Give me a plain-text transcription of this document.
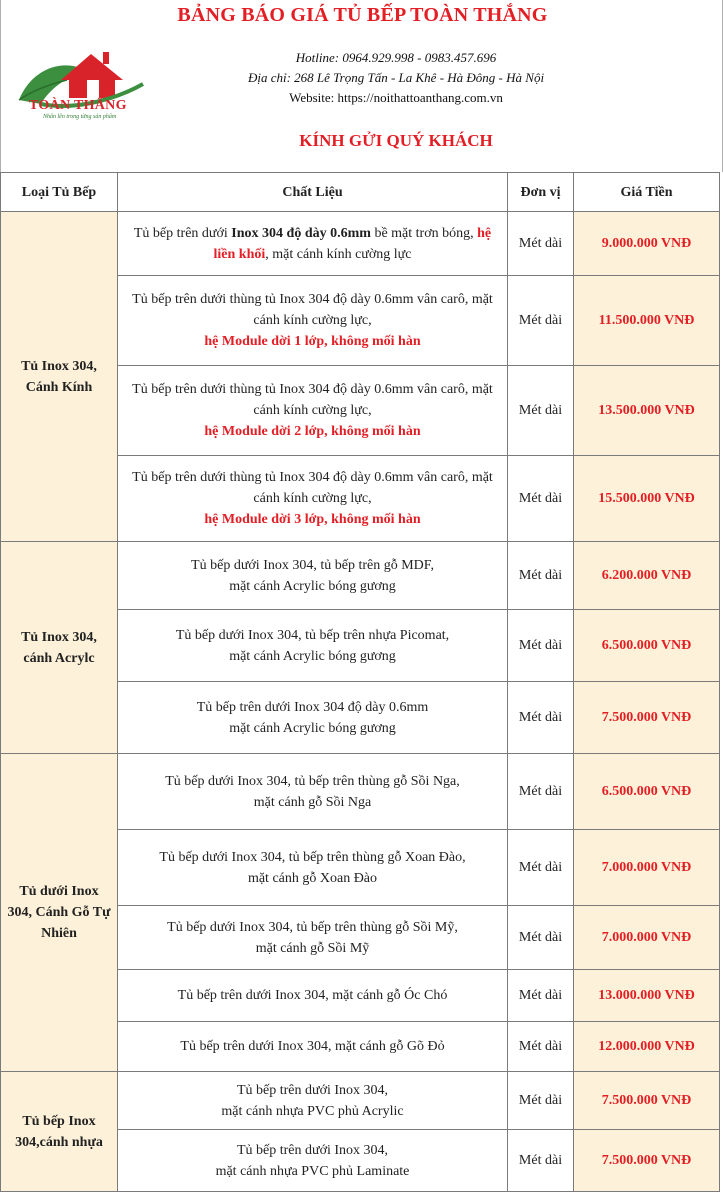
BẢNG BÁO GIÁ TỦ BẾP TOÀN THẮNG
TOÀN THẮNG
Nhân lên trong từng sản phẩm
Hotline: 0964.929.998 - 0983.457.696
Địa chỉ: 268 Lê Trọng Tấn - La Khê - Hà Đông - Hà Nội
Website: https://noithattoanthang.com.vn
KÍNH GỬI QUÝ KHÁCH
Loại Tủ Bếp	Chất Liệu	Đơn vị	Giá Tiền
Tủ Inox 304, Cánh Kính	Tủ bếp trên dưới Inox 304 độ dày 0.6mm bề mặt trơn bóng, hệ liền khối, mặt cánh kính cường lực	Mét dài	9.000.000 VNĐ
	Tủ bếp trên dưới thùng tủ Inox 304 độ dày 0.6mm vân carô, mặt cánh kính cường lực,
hệ Module dời 1 lớp, không mối hàn	Mét dài	11.500.000 VNĐ
	Tủ bếp trên dưới thùng tủ Inox 304 độ dày 0.6mm vân carô, mặt cánh kính cường lực,
hệ Module dời 2 lớp, không mối hàn	Mét dài	13.500.000 VNĐ
	Tủ bếp trên dưới thùng tủ Inox 304 độ dày 0.6mm vân carô, mặt cánh kính cường lực,
hệ Module dời 3 lớp, không mối hàn	Mét dài	15.500.000 VNĐ
Tủ Inox 304, cánh Acrylc	Tủ bếp dưới Inox 304, tủ bếp trên gỗ MDF,
mặt cánh Acrylic bóng gương	Mét dài	6.200.000 VNĐ
	Tủ bếp dưới Inox 304, tủ bếp trên nhựa Picomat,
mặt cánh Acrylic bóng gương	Mét dài	6.500.000 VNĐ
	Tủ bếp trên dưới Inox 304 độ dày 0.6mm
mặt cánh Acrylic bóng gương	Mét dài	7.500.000 VNĐ
Tủ dưới Inox 304, Cánh Gỗ Tự Nhiên	Tủ bếp dưới Inox 304, tủ bếp trên thùng gỗ Sồi Nga,
mặt cánh gỗ Sồi Nga	Mét dài	6.500.000 VNĐ
	Tủ bếp dưới Inox 304, tủ bếp trên thùng gỗ Xoan Đào,
mặt cánh gỗ Xoan Đào	Mét dài	7.000.000 VNĐ
	Tủ bếp dưới Inox 304, tủ bếp trên thùng gỗ Sồi Mỹ,
mặt cánh gỗ Sồi Mỹ	Mét dài	7.000.000 VNĐ
	Tủ bếp trên dưới Inox 304, mặt cánh gỗ Óc Chó	Mét dài	13.000.000 VNĐ
	Tủ bếp trên dưới Inox 304, mặt cánh gỗ Gõ Đỏ	Mét dài	12.000.000 VNĐ
Tủ bếp Inox 304,cánh nhựa	Tủ bếp trên dưới Inox 304,
mặt cánh nhựa PVC phủ Acrylic	Mét dài	7.500.000 VNĐ
	Tủ bếp trên dưới Inox 304,
mặt cánh nhựa PVC phủ Laminate	Mét dài	7.500.000 VNĐ
